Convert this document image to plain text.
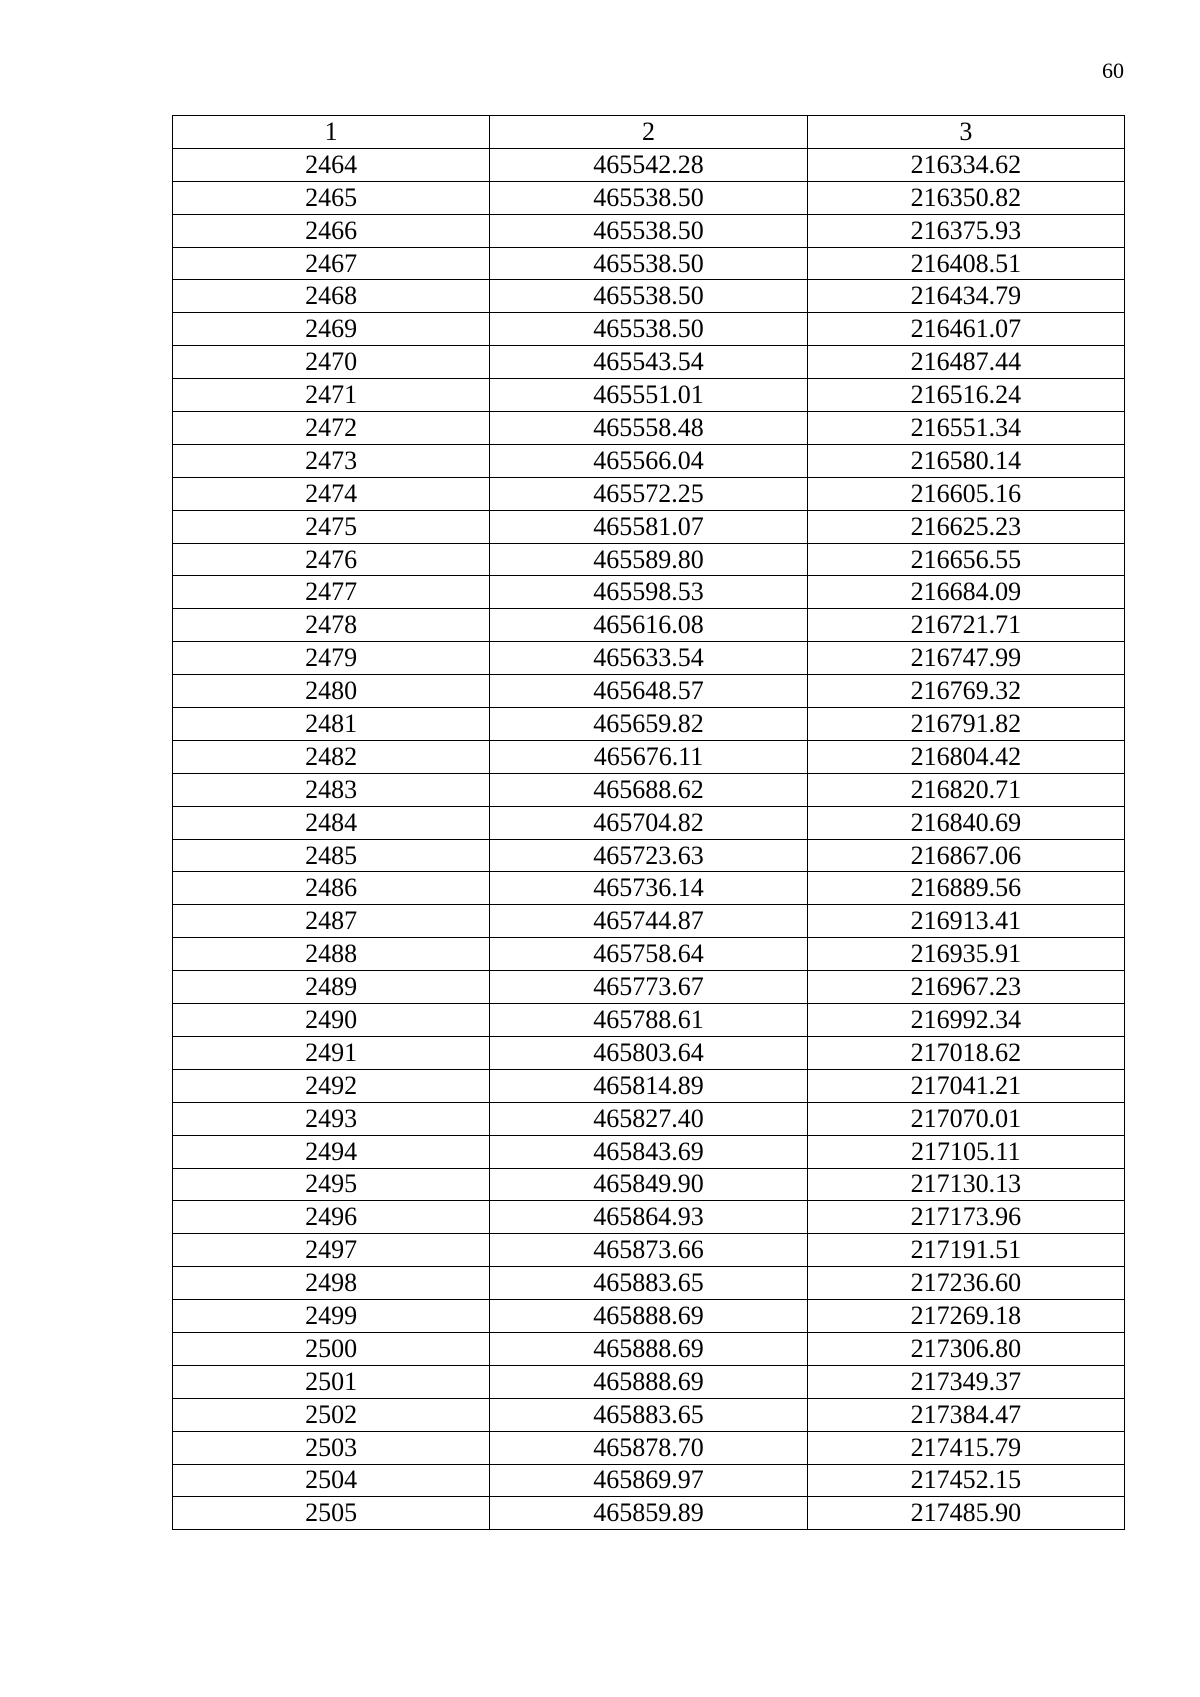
60
1	2	3
2464	465542.28	216334.62
2465	465538.50	216350.82
2466	465538.50	216375.93
2467	465538.50	216408.51
2468	465538.50	216434.79
2469	465538.50	216461.07
2470	465543.54	216487.44
2471	465551.01	216516.24
2472	465558.48	216551.34
2473	465566.04	216580.14
2474	465572.25	216605.16
2475	465581.07	216625.23
2476	465589.80	216656.55
2477	465598.53	216684.09
2478	465616.08	216721.71
2479	465633.54	216747.99
2480	465648.57	216769.32
2481	465659.82	216791.82
2482	465676.11	216804.42
2483	465688.62	216820.71
2484	465704.82	216840.69
2485	465723.63	216867.06
2486	465736.14	216889.56
2487	465744.87	216913.41
2488	465758.64	216935.91
2489	465773.67	216967.23
2490	465788.61	216992.34
2491	465803.64	217018.62
2492	465814.89	217041.21
2493	465827.40	217070.01
2494	465843.69	217105.11
2495	465849.90	217130.13
2496	465864.93	217173.96
2497	465873.66	217191.51
2498	465883.65	217236.60
2499	465888.69	217269.18
2500	465888.69	217306.80
2501	465888.69	217349.37
2502	465883.65	217384.47
2503	465878.70	217415.79
2504	465869.97	217452.15
2505	465859.89	217485.90
